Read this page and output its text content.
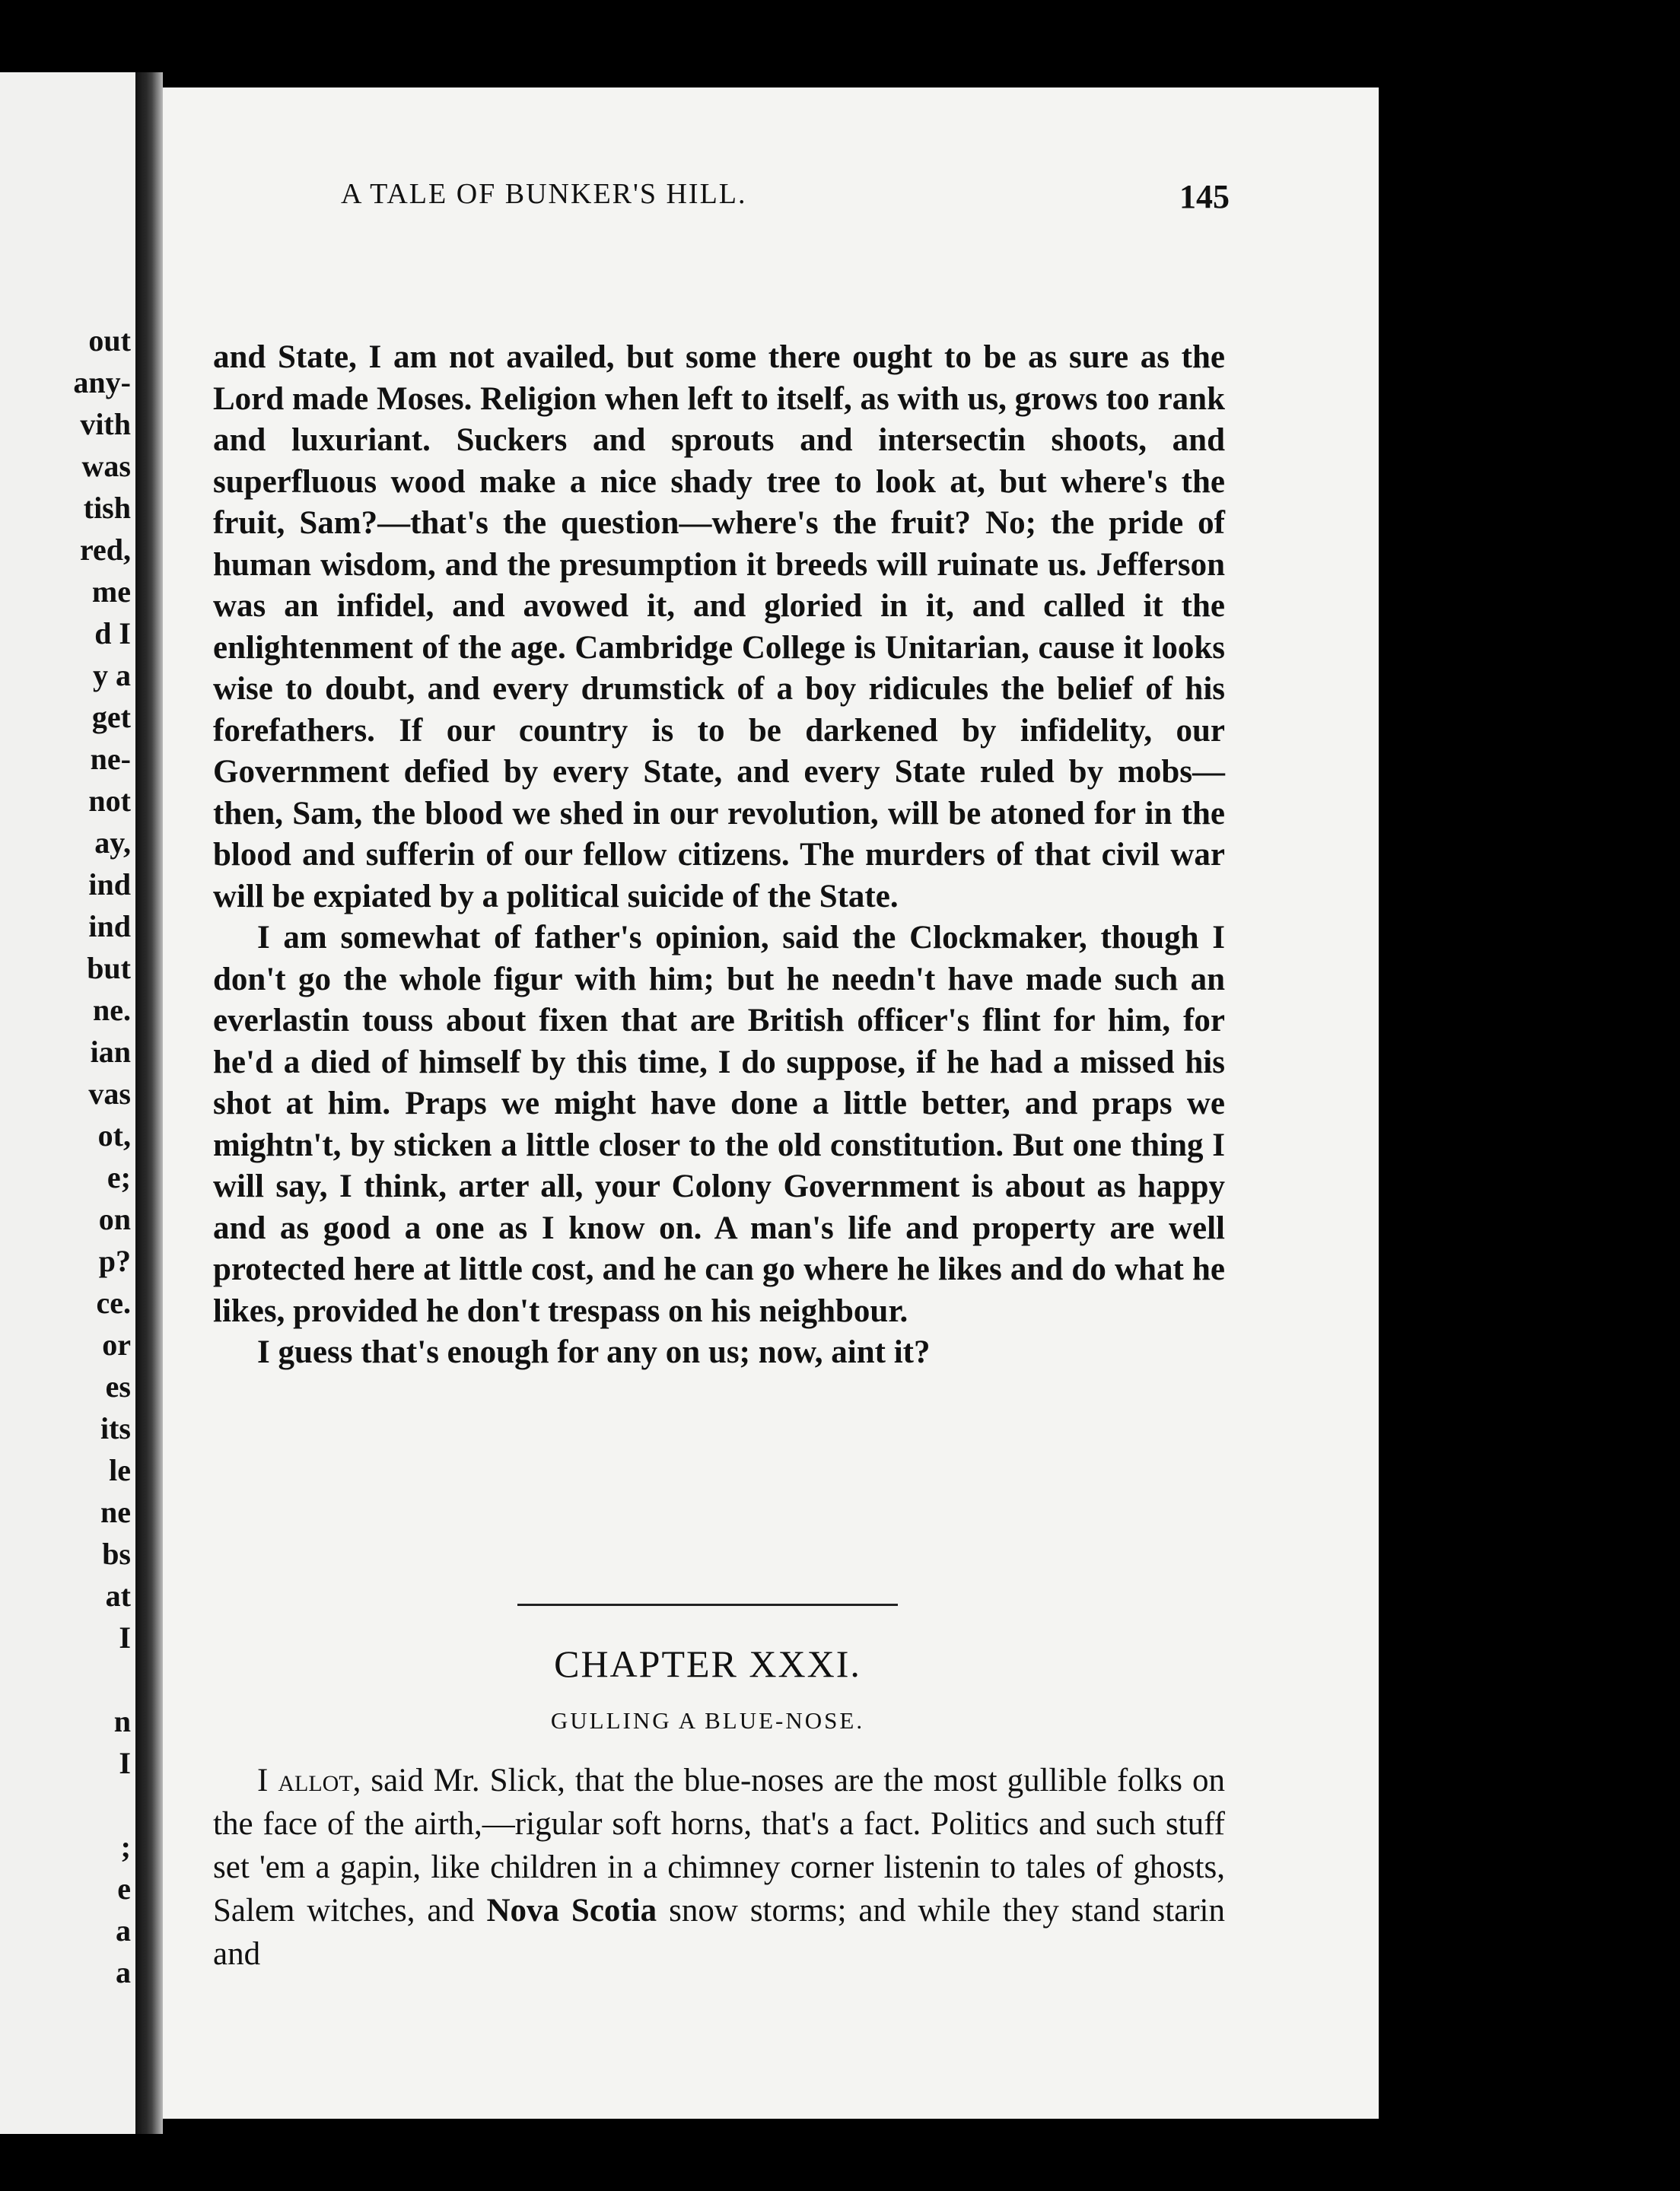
out
any-
vith
was
tish
red,
me
d I
y a
get
ne-
not
ay,
ind
ind
but
ne.
ian
vas
ot,
e;
on
p?
ce.
or
es
its
le
ne
bs
at
I
n
I
;
e
a
a
A TALE OF BUNKER'S HILL.	145

and State, I am not availed, but some there ought to be as sure as the Lord made Moses. Religion when left to itself, as with us, grows too rank and luxuriant. Suckers and sprouts and intersectin shoots, and superfluous wood make a nice shady tree to look at, but where's the fruit, Sam?—that's the question—where's the fruit? No; the pride of human wisdom, and the presumption it breeds will ruinate us. Jefferson was an infidel, and avowed it, and gloried in it, and called it the enlightenment of the age. Cambridge College is Unitarian, cause it looks wise to doubt, and every drumstick of a boy ridicules the belief of his forefathers. If our country is to be darkened by infidelity, our Government defied by every State, and every State ruled by mobs—then, Sam, the blood we shed in our revolution, will be atoned for in the blood and sufferin of our fellow citizens. The murders of that civil war will be expiated by a political suicide of the State.

I am somewhat of father's opinion, said the Clockmaker, though I don't go the whole figur with him; but he needn't have made such an everlastin touss about fixen that are British officer's flint for him, for he'd a died of himself by this time, I do suppose, if he had a missed his shot at him. Praps we might have done a little better, and praps we mightn't, by sticken a little closer to the old constitution. But one thing I will say, I think, arter all, your Colony Government is about as happy and as good a one as I know on. A man's life and property are well protected here at little cost, and he can go where he likes and do what he likes, provided he don't trespass on his neighbour.

I guess that's enough for any on us; now, aint it?

CHAPTER XXXI.
GULLING A BLUE-NOSE.

I allot, said Mr. Slick, that the blue-noses are the most gullible folks on the face of the airth,—rigular soft horns, that's a fact. Politics and such stuff set 'em a gapin, like children in a chimney corner listenin to tales of ghosts, Salem witches, and Nova Scotia snow storms; and while they stand starin and
